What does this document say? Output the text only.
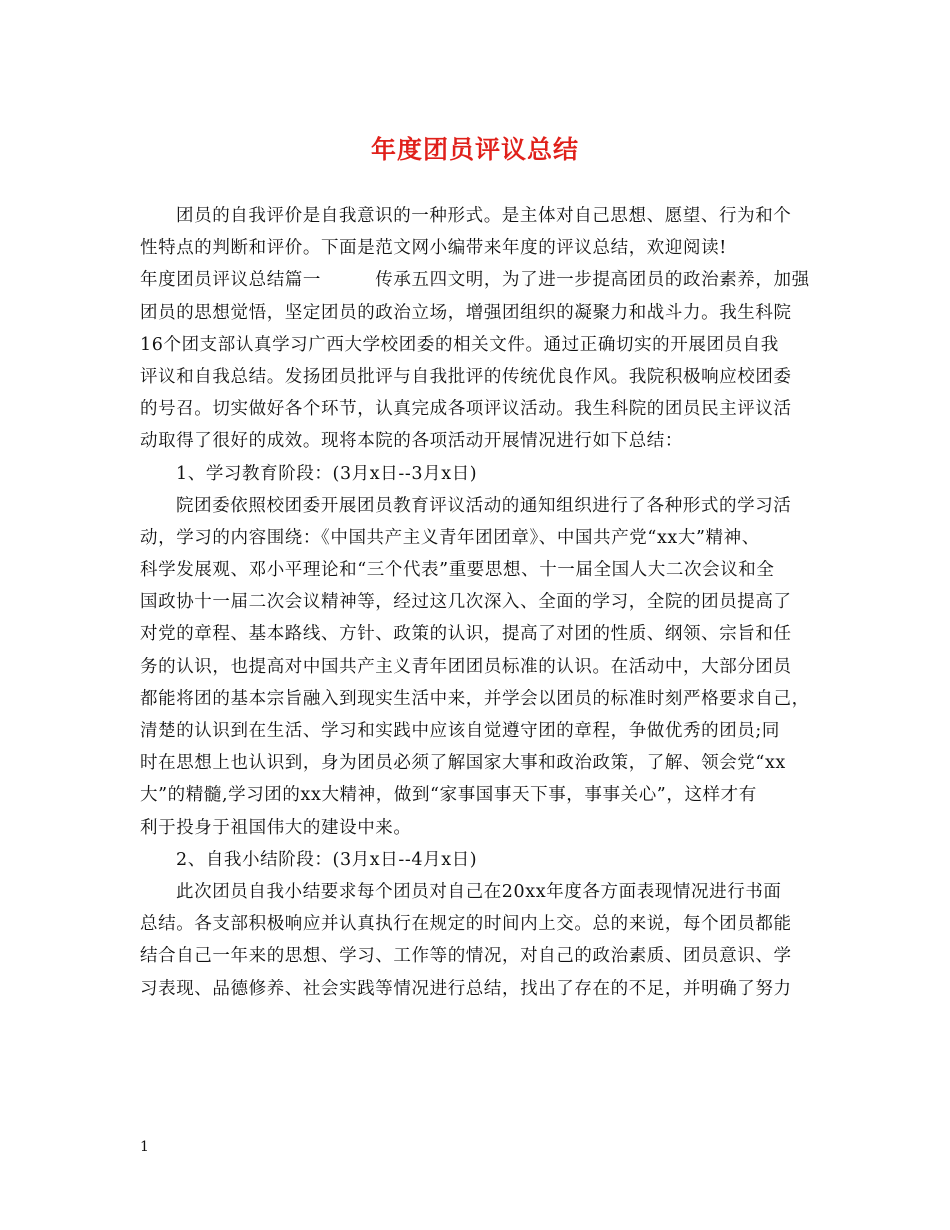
年度团员评议总结
团员的自我评价是自我意识的一种形式。是主体对自己思想、愿望、行为和个
性特点的判断和评价。下面是范文网小编带来年度的评议总结，欢迎阅读!
年度团员评议总结篇一　　　传承五四文明，为了进一步提高团员的政治素养，加强
团员的思想觉悟，坚定团员的政治立场，增强团组织的凝聚力和战斗力。我生科院
16个团支部认真学习广西大学校团委的相关文件。通过正确切实的开展团员自我
评议和自我总结。发扬团员批评与自我批评的传统优良作风。我院积极响应校团委
的号召。切实做好各个环节，认真完成各项评议活动。我生科院的团员民主评议活
动取得了很好的成效。现将本院的各项活动开展情况进行如下总结：
1、学习教育阶段：(3月x日--3月x日)
院团委依照校团委开展团员教育评议活动的通知组织进行了各种形式的学习活
动，学习的内容围绕：《中国共产主义青年团团章》、中国共产党“xx大”精神、
科学发展观、邓小平理论和“三个代表”重要思想、十一届全国人大二次会议和全
国政协十一届二次会议精神等，经过这几次深入、全面的学习，全院的团员提高了
对党的章程、基本路线、方针、政策的认识，提高了对团的性质、纲领、宗旨和任
务的认识，也提高对中国共产主义青年团团员标准的认识。在活动中，大部分团员
都能将团的基本宗旨融入到现实生活中来，并学会以团员的标准时刻严格要求自己，
清楚的认识到在生活、学习和实践中应该自觉遵守团的章程，争做优秀的团员;同
时在思想上也认识到，身为团员必须了解国家大事和政治政策，了解、领会党“xx
大”的精髓,学习团的xx大精神，做到“家事国事天下事，事事关心”，这样才有
利于投身于祖国伟大的建设中来。
2、自我小结阶段：(3月x日--4月x日)
此次团员自我小结要求每个团员对自己在20xx年度各方面表现情况进行书面
总结。各支部积极响应并认真执行在规定的时间内上交。总的来说，每个团员都能
结合自己一年来的思想、学习、工作等的情况，对自己的政治素质、团员意识、学
习表现、品德修养、社会实践等情况进行总结，找出了存在的不足，并明确了努力
1
